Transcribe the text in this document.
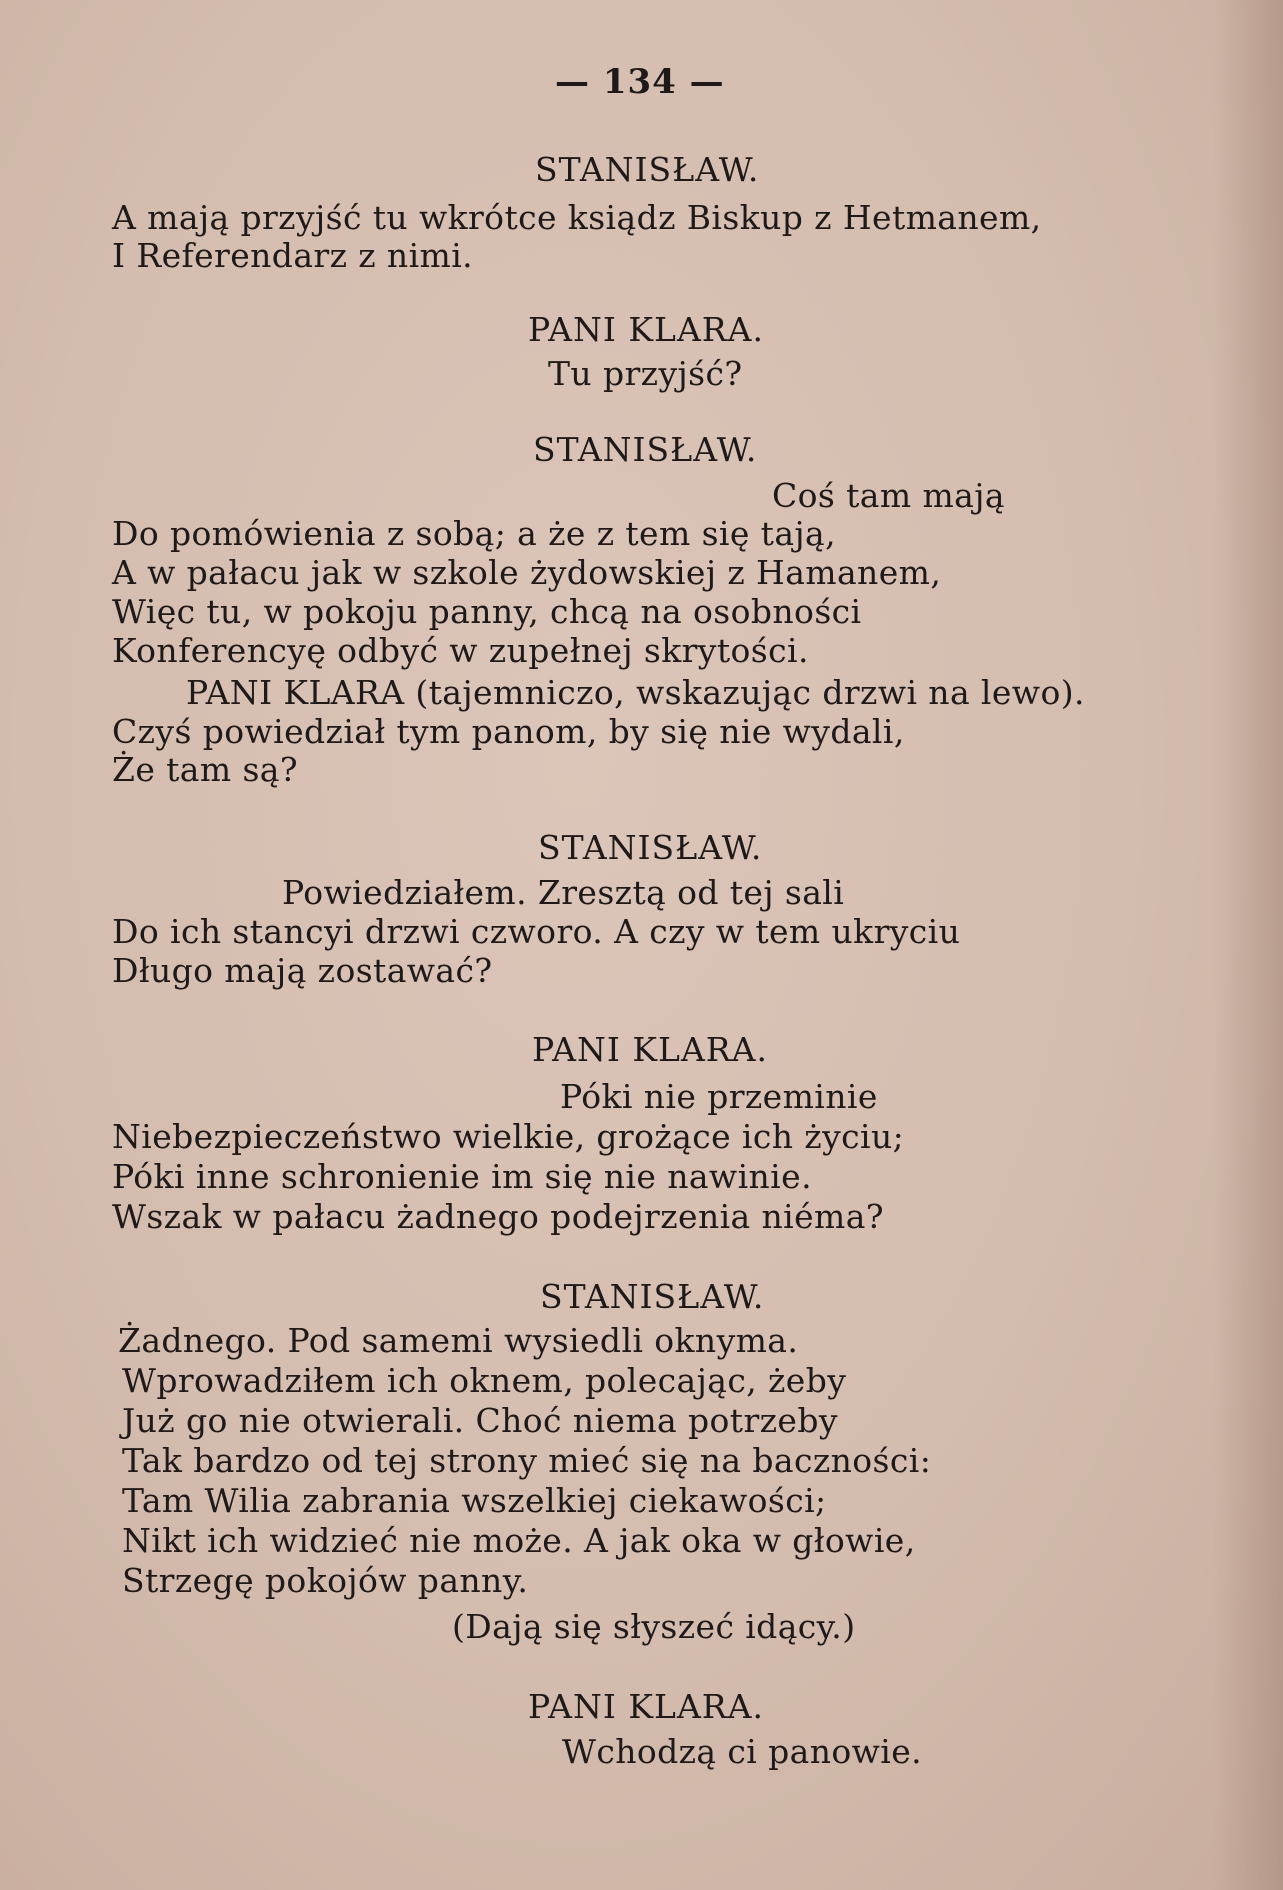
— 134 —
STANISŁAW.
A mają przyjść tu wkrótce ksiądz Biskup z Hetmanem,
I Referendarz z nimi.
PANI KLARA.
Tu przyjść?
STANISŁAW.
Coś tam mają
Do pomówienia z sobą; a że z tem się tają,
A w pałacu jak w szkole żydowskiej z Hamanem,
Więc tu, w pokoju panny, chcą na osobności
Konferencyę odbyć w zupełnej skrytości.
PANI KLARA (tajemniczo, wskazując drzwi na lewo).
Czyś powiedział tym panom, by się nie wydali,
Że tam są?
STANISŁAW.
Powiedziałem. Zresztą od tej sali
Do ich stancyi drzwi czworo. A czy w tem ukryciu
Długo mają zostawać?
PANI KLARA.
Póki nie przeminie
Niebezpieczeństwo wielkie, grożące ich życiu;
Póki inne schronienie im się nie nawinie.
Wszak w pałacu żadnego podejrzenia niéma?
STANISŁAW.
Żadnego. Pod samemi wysiedli oknyma.
Wprowadziłem ich oknem, polecając, żeby
Już go nie otwierali. Choć niema potrzeby
Tak bardzo od tej strony mieć się na baczności:
Tam Wilia zabrania wszelkiej ciekawości;
Nikt ich widzieć nie może. A jak oka w głowie,
Strzegę pokojów panny.
(Dają się słyszeć idący.)
PANI KLARA.
Wchodzą ci panowie.
